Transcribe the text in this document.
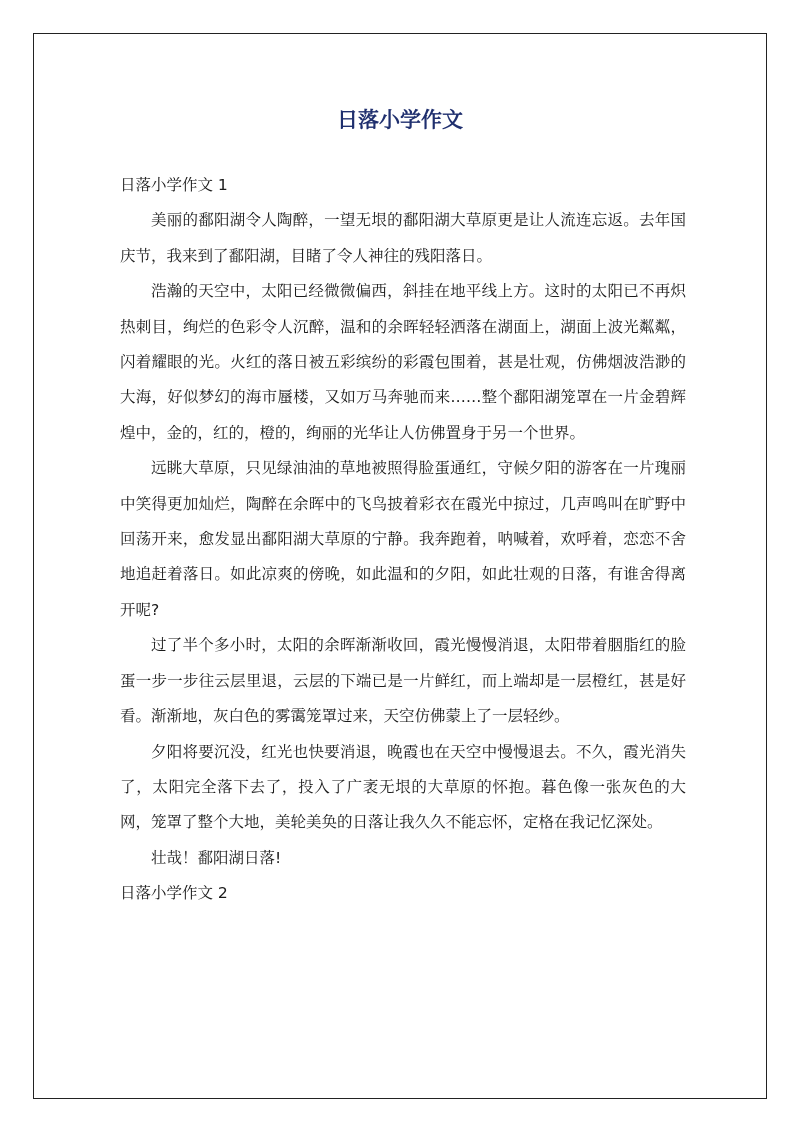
日落小学作文
日落小学作文 1

美丽的鄱阳湖令人陶醉，一望无垠的鄱阳湖大草原更是让人流连忘返。去年国庆节，我来到了鄱阳湖，目睹了令人神往的残阳落日。

浩瀚的天空中，太阳已经微微偏西，斜挂在地平线上方。这时的太阳已不再炽热刺目，绚烂的色彩令人沉醉，温和的余晖轻轻洒落在湖面上，湖面上波光粼粼，闪着耀眼的光。火红的落日被五彩缤纷的彩霞包围着，甚是壮观，仿佛烟波浩渺的大海，好似梦幻的海市蜃楼，又如万马奔驰而来……整个鄱阳湖笼罩在一片金碧辉煌中，金的，红的，橙的，绚丽的光华让人仿佛置身于另一个世界。

远眺大草原，只见绿油油的草地被照得脸蛋通红，守候夕阳的游客在一片瑰丽中笑得更加灿烂，陶醉在余晖中的飞鸟披着彩衣在霞光中掠过，几声鸣叫在旷野中回荡开来，愈发显出鄱阳湖大草原的宁静。我奔跑着，呐喊着，欢呼着，恋恋不舍地追赶着落日。如此凉爽的傍晚，如此温和的夕阳，如此壮观的日落，有谁舍得离开呢?

过了半个多小时，太阳的余晖渐渐收回，霞光慢慢消退，太阳带着胭脂红的脸蛋一步一步往云层里退，云层的下端已是一片鲜红，而上端却是一层橙红，甚是好看。渐渐地，灰白色的雾霭笼罩过来，天空仿佛蒙上了一层轻纱。

夕阳将要沉没，红光也快要消退，晚霞也在天空中慢慢退去。不久，霞光消失了，太阳完全落下去了，投入了广袤无垠的大草原的怀抱。暮色像一张灰色的大网，笼罩了整个大地，美轮美奂的日落让我久久不能忘怀，定格在我记忆深处。

壮哉！鄱阳湖日落!

日落小学作文 2
